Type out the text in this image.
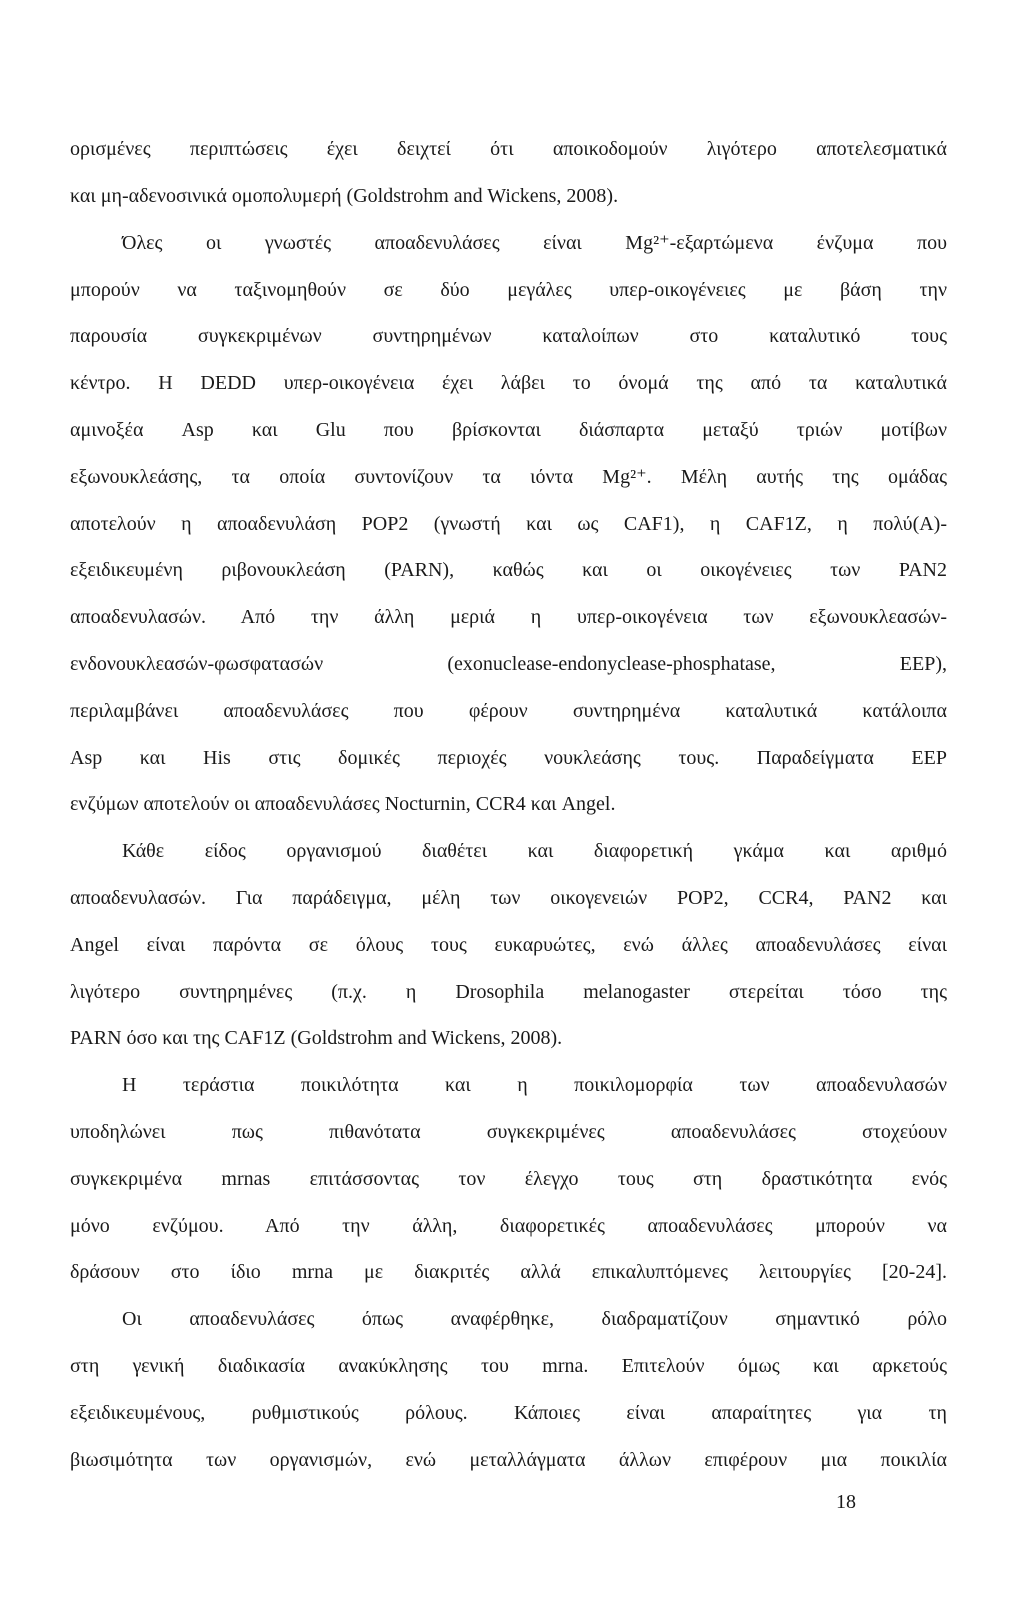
ορισμένες περιπτώσεις έχει δειχτεί ότι αποικοδομούν λιγότερο αποτελεσματικά
και μη-αδενοσινικά ομοπολυμερή (Goldstrohm and Wickens, 2008).
Όλες οι γνωστές αποαδενυλάσες είναι Mg²⁺-εξαρτώμενα ένζυμα που
μπορούν να ταξινομηθούν σε δύο μεγάλες υπερ-οικογένειες με βάση την
παρουσία συγκεκριμένων συντηρημένων καταλοίπων στο καταλυτικό τους
κέντρο. Η DEDD υπερ-οικογένεια έχει λάβει το όνομά της από τα καταλυτικά
αμινοξέα Asp και Glu που βρίσκονται διάσπαρτα μεταξύ τριών μοτίβων
εξωνουκλεάσης, τα οποία συντονίζουν τα ιόντα Mg²⁺. Μέλη αυτής της ομάδας
αποτελούν η αποαδενυλάση POP2 (γνωστή και ως CAF1), η CAF1Z, η πολύ(Α)-
εξειδικευμένη ριβονουκλεάση (PARN), καθώς και οι οικογένειες των PAN2
αποαδενυλασών. Από την άλλη μεριά η υπερ-οικογένεια των εξωνουκλεασών-
ενδονουκλεασών-φωσφατασών (exonuclease-endonyclease-phosphatase, EEP),
περιλαμβάνει αποαδενυλάσες που φέρουν συντηρημένα καταλυτικά κατάλοιπα
Asp και His στις δομικές περιοχές νουκλεάσης τους. Παραδείγματα EEP
ενζύμων αποτελούν οι αποαδενυλάσες Nocturnin, CCR4 και Angel.
Κάθε είδος οργανισμού διαθέτει και διαφορετική γκάμα και αριθμό
αποαδενυλασών. Για παράδειγμα, μέλη των οικογενειών POP2, CCR4, PAN2 και
Angel είναι παρόντα σε όλους τους ευκαρυώτες, ενώ άλλες αποαδενυλάσες είναι
λιγότερο συντηρημένες (π.χ. η Drosophila melanogaster στερείται τόσο της
PARN όσο και της CAF1Z (Goldstrohm and Wickens, 2008).
Η τεράστια ποικιλότητα και η ποικιλομορφία των αποαδενυλασών
υποδηλώνει πως πιθανότατα συγκεκριμένες αποαδενυλάσες στοχεύουν
συγκεκριμένα mrnas επιτάσσοντας τον έλεγχο τους στη δραστικότητα ενός
μόνο ενζύμου. Από την άλλη, διαφορετικές αποαδενυλάσες μπορούν να
δράσουν στο ίδιο mrna με διακριτές αλλά επικαλυπτόμενες λειτουργίες [20-24].
Οι αποαδενυλάσες όπως αναφέρθηκε, διαδραματίζουν σημαντικό ρόλο
στη γενική διαδικασία ανακύκλησης του mrna. Επιτελούν όμως και αρκετούς
εξειδικευμένους, ρυθμιστικούς ρόλους. Κάποιες είναι απαραίτητες για τη
βιωσιμότητα των οργανισμών, ενώ μεταλλάγματα άλλων επιφέρουν μια ποικιλία
18
